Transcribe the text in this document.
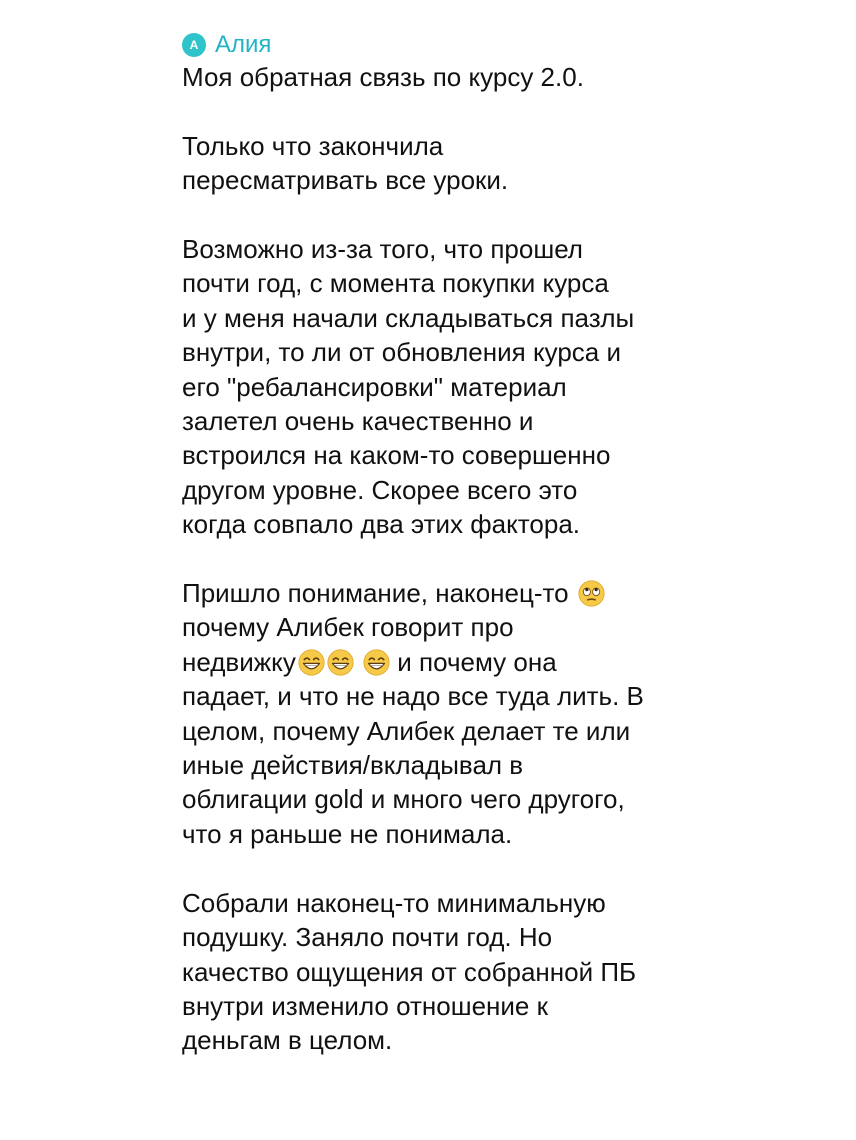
A Алия
Моя обратная связь по курсу 2.0.
Только что закончила
пересматривать все уроки.
Возможно из-за того, что прошел
почти год, с момента покупки курса
и у меня начали складываться пазлы
внутри, то ли от обновления курса и
его "ребалансировки" материал
залетел очень качественно и
встроился на каком-то совершенно
другом уровне. Скорее всего это
когда совпало два этих фактора.
Пришло понимание, наконец-то
почему Алибек говорит про
недвижку	и почему она
падает, и что не надо все туда лить. В
целом, почему Алибек делает те или
иные действия/вкладывал в
облигации gold и много чего другого,
что я раньше не понимала.
Собрали наконец-то минимальную
подушку. Заняло почти год. Но
качество ощущения от собранной ПБ
внутри изменило отношение к
деньгам в целом.
